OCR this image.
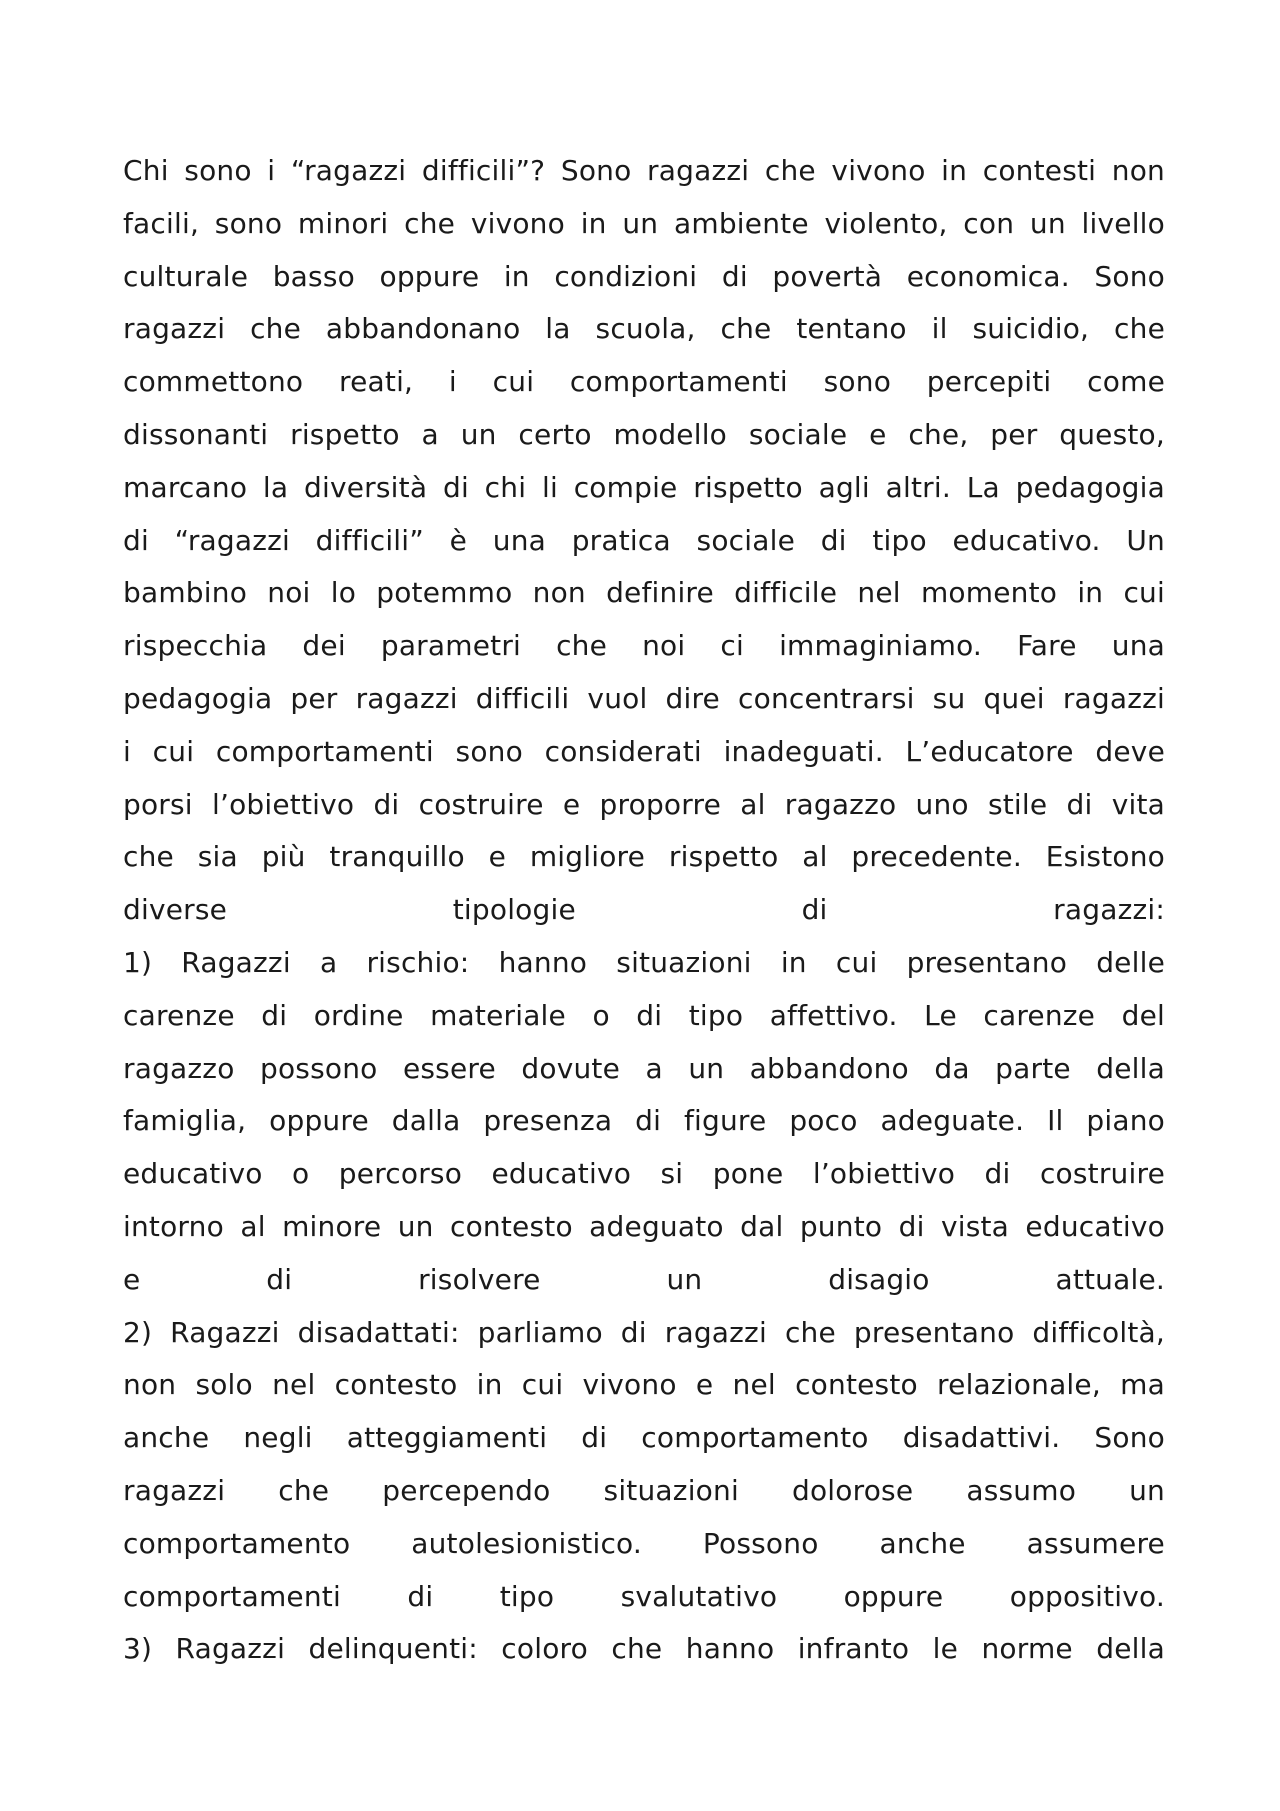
Chi sono i “ragazzi difficili”? Sono ragazzi che vivono in contesti non
facili, sono minori che vivono in un ambiente violento, con un livello
culturale basso oppure in condizioni di povertà economica. Sono
ragazzi che abbandonano la scuola, che tentano il suicidio, che
commettono reati, i cui comportamenti sono percepiti come
dissonanti rispetto a un certo modello sociale e che, per questo,
marcano la diversità di chi li compie rispetto agli altri. La pedagogia
di “ragazzi difficili” è una pratica sociale di tipo educativo. Un
bambino noi lo potemmo non definire difficile nel momento in cui
rispecchia dei parametri che noi ci immaginiamo. Fare una
pedagogia per ragazzi difficili vuol dire concentrarsi su quei ragazzi
i cui comportamenti sono considerati inadeguati. L’educatore deve
porsi l’obiettivo di costruire e proporre al ragazzo uno stile di vita
che sia più tranquillo e migliore rispetto al precedente. Esistono
diverse tipologie di ragazzi:
1) Ragazzi a rischio: hanno situazioni in cui presentano delle
carenze di ordine materiale o di tipo affettivo. Le carenze del
ragazzo possono essere dovute a un abbandono da parte della
famiglia, oppure dalla presenza di figure poco adeguate. Il piano
educativo o percorso educativo si pone l’obiettivo di costruire
intorno al minore un contesto adeguato dal punto di vista educativo
e di risolvere un disagio attuale.
2) Ragazzi disadattati: parliamo di ragazzi che presentano difficoltà,
non solo nel contesto in cui vivono e nel contesto relazionale, ma
anche negli atteggiamenti di comportamento disadattivi. Sono
ragazzi che percependo situazioni dolorose assumo un
comportamento autolesionistico. Possono anche assumere
comportamenti di tipo svalutativo oppure oppositivo.
3) Ragazzi delinquenti: coloro che hanno infranto le norme della
